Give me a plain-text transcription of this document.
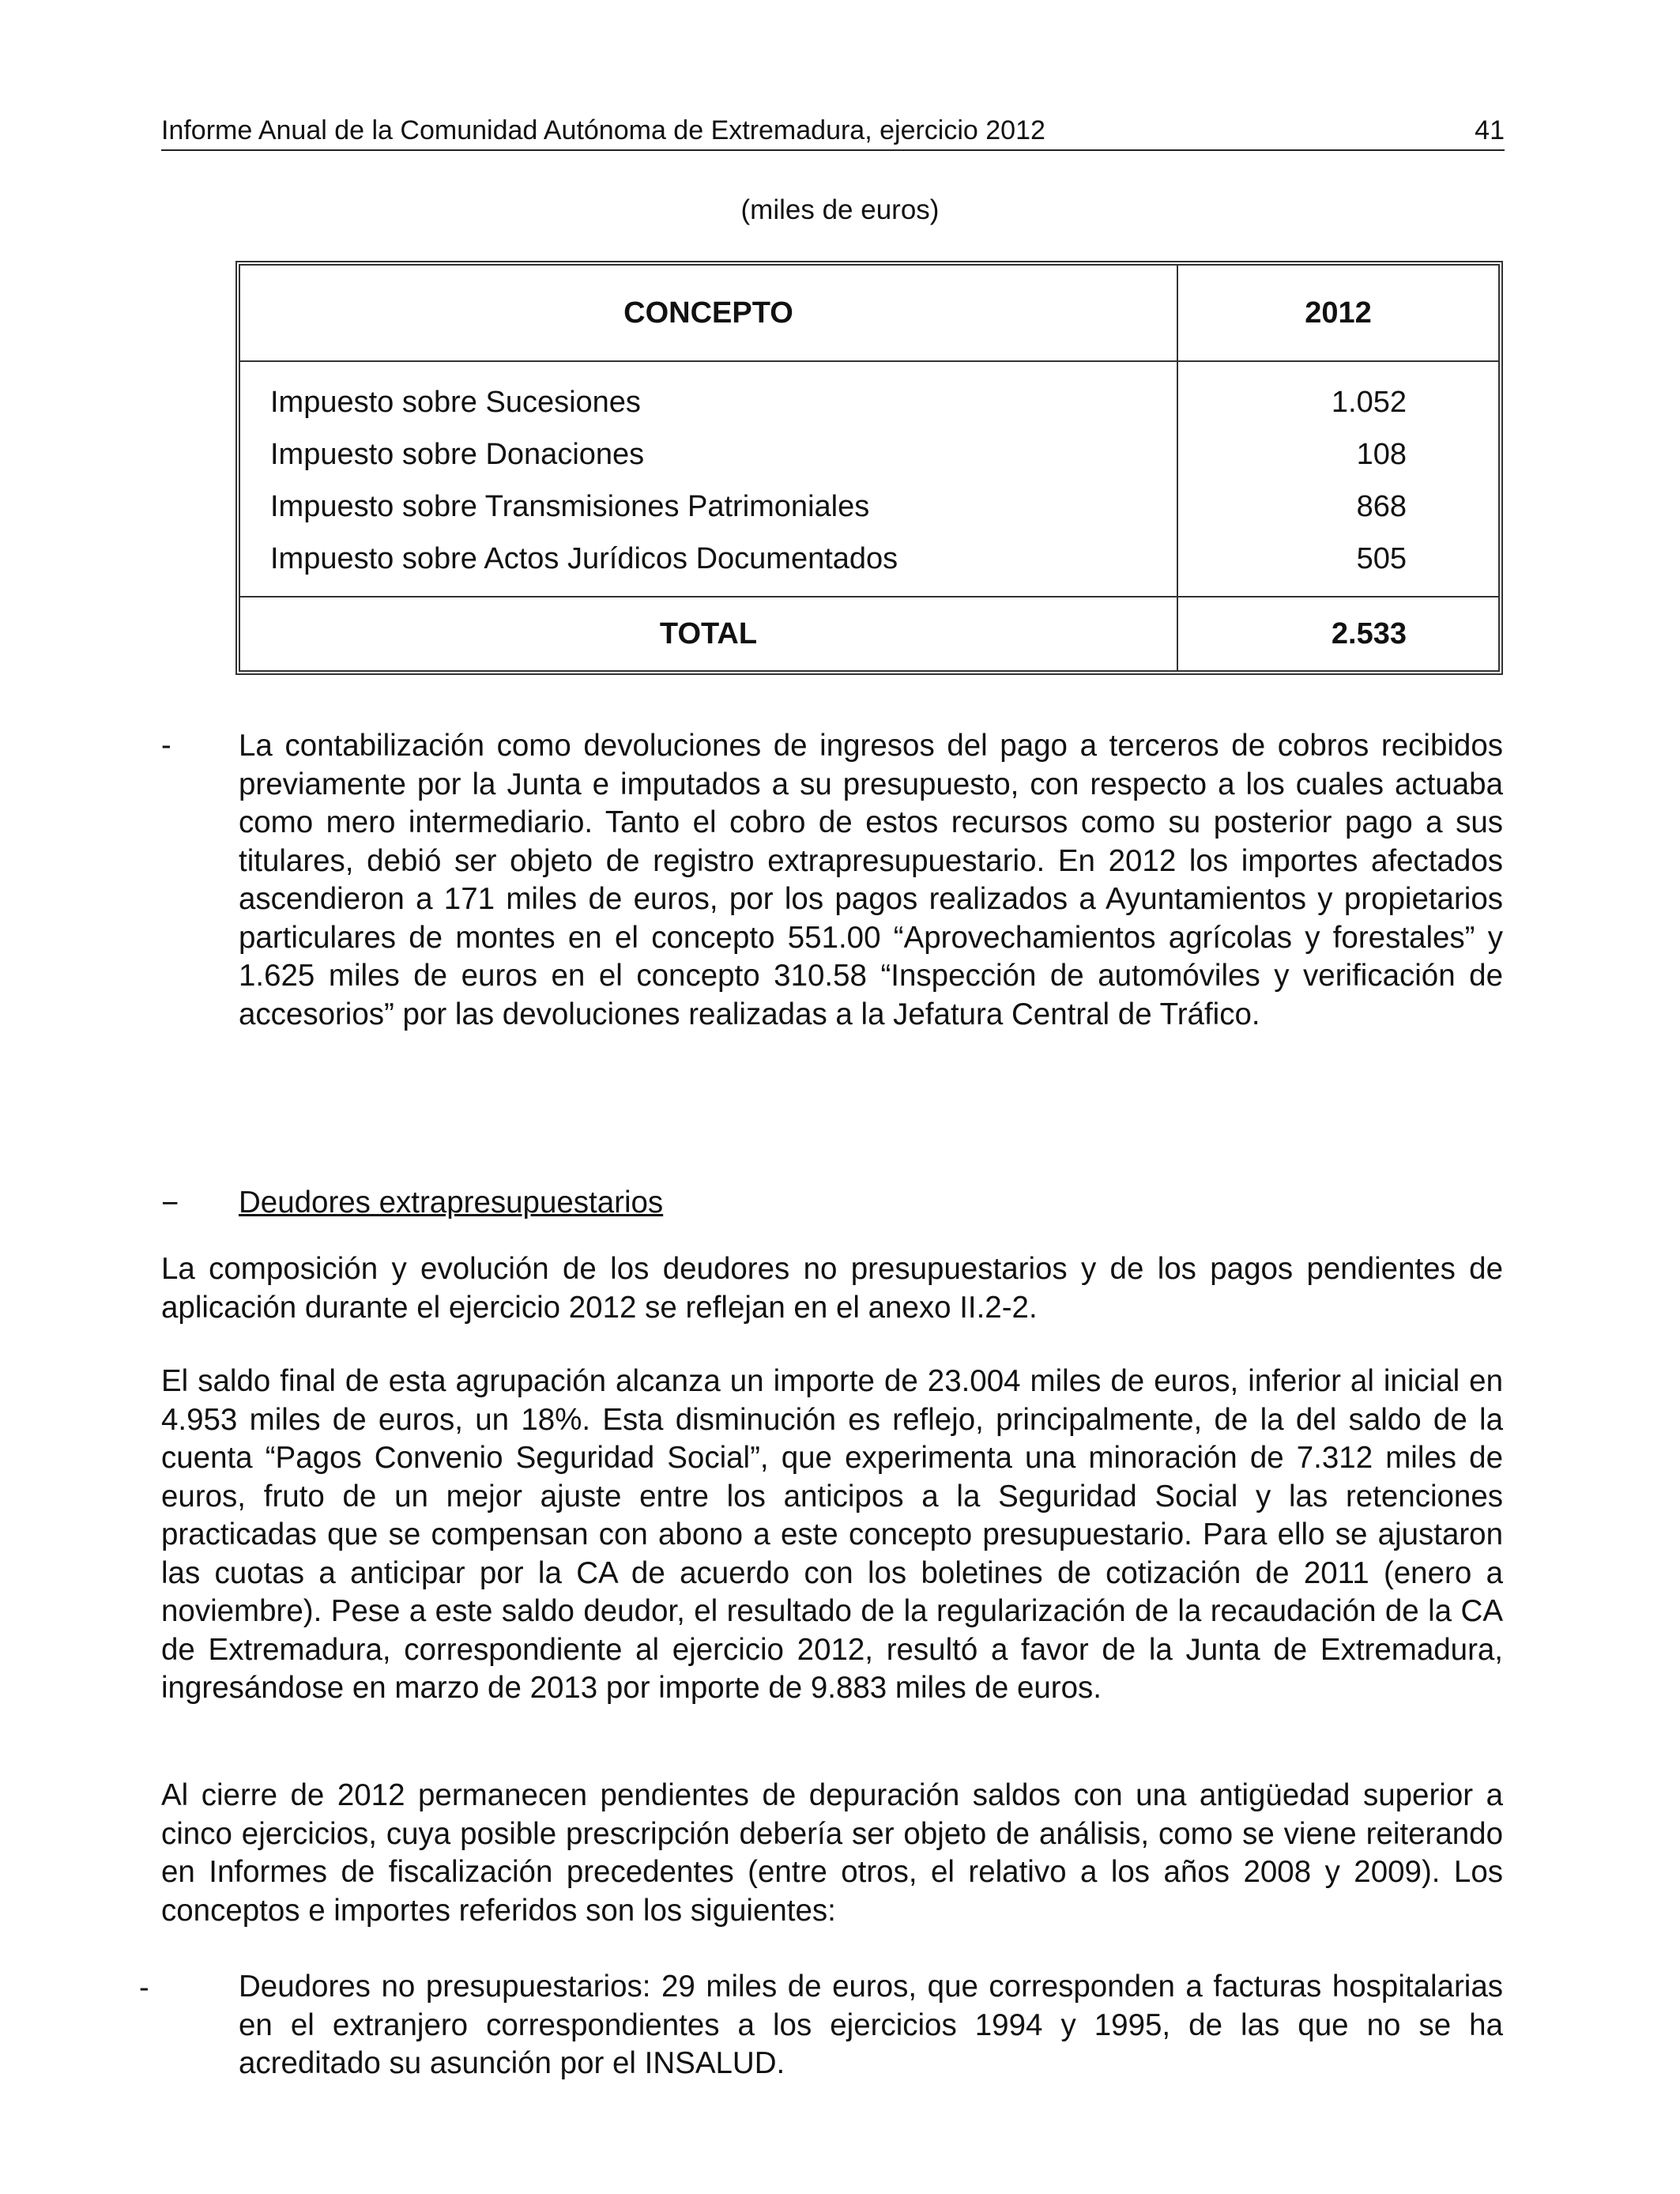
Informe Anual de la Comunidad Autónoma de Extremadura, ejercicio 2012	41
(miles de euros)
CONCEPTO	2012
Impuesto sobre Sucesiones	1.052
Impuesto sobre Donaciones	108
Impuesto sobre Transmisiones Patrimoniales	868
Impuesto sobre Actos Jurídicos Documentados	505
TOTAL	2.533
- La contabilización como devoluciones de ingresos del pago a terceros de cobros recibidos previamente por la Junta e imputados a su presupuesto, con respecto a los cuales actuaba como mero intermediario. Tanto el cobro de estos recursos como su posterior pago a sus titulares, debió ser objeto de registro extrapresupuestario. En 2012 los importes afectados ascendieron a 171 miles de euros, por los pagos realizados a Ayuntamientos y propietarios particulares de montes en el concepto 551.00 “Aprovechamientos agrícolas y forestales” y 1.625 miles de euros en el concepto 310.58 “Inspección de automóviles y verificación de accesorios” por las devoluciones realizadas a la Jefatura Central de Tráfico.

− Deudores extrapresupuestarios

La composición y evolución de los deudores no presupuestarios y de los pagos pendientes de aplicación durante el ejercicio 2012 se reflejan en el anexo II.2-2.

El saldo final de esta agrupación alcanza un importe de 23.004 miles de euros, inferior al inicial en 4.953 miles de euros, un 18%. Esta disminución es reflejo, principalmente, de la del saldo de la cuenta “Pagos Convenio Seguridad Social”, que experimenta una minoración de 7.312 miles de euros, fruto de un mejor ajuste entre los anticipos a la Seguridad Social y las retenciones practicadas que se compensan con abono a este concepto presupuestario. Para ello se ajustaron las cuotas a anticipar por la CA de acuerdo con los boletines de cotización de 2011 (enero a noviembre). Pese a este saldo deudor, el resultado de la regularización de la recaudación de la CA de Extremadura, correspondiente al ejercicio 2012, resultó a favor de la Junta de Extremadura, ingresándose en marzo de 2013 por importe de 9.883 miles de euros.

Al cierre de 2012 permanecen pendientes de depuración saldos con una antigüedad superior a cinco ejercicios, cuya posible prescripción debería ser objeto de análisis, como se viene reiterando en Informes de fiscalización precedentes (entre otros, el relativo a los años 2008 y 2009). Los conceptos e importes referidos son los siguientes:

-	Deudores no presupuestarios: 29 miles de euros, que corresponden a facturas hospitalarias en el extranjero correspondientes a los ejercicios 1994 y 1995, de las que no se ha acreditado su asunción por el INSALUD.
